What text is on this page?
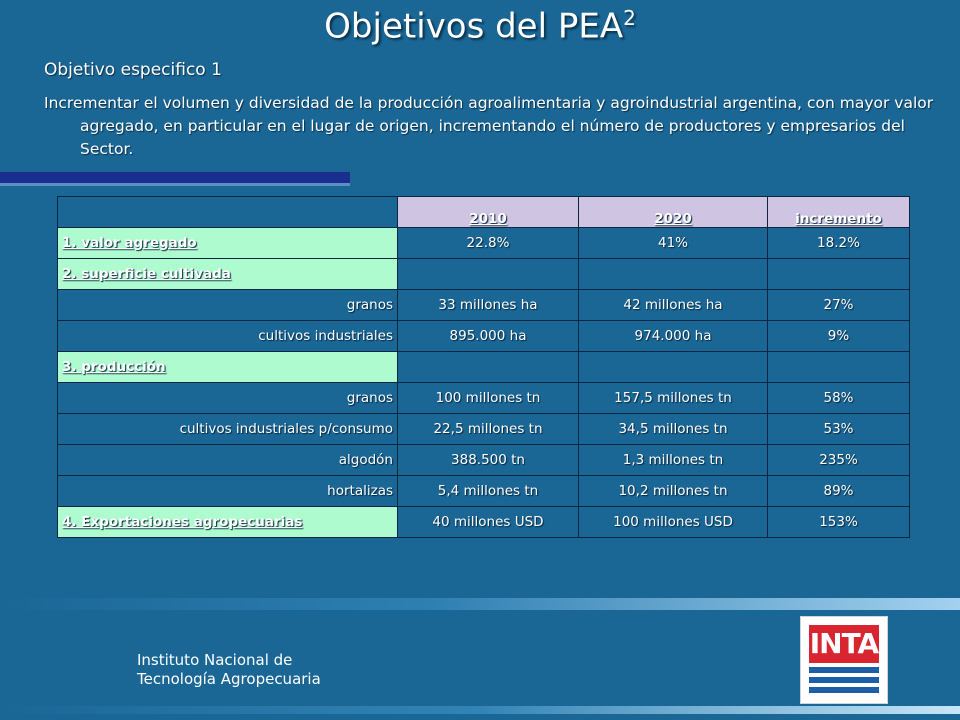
Objetivos del PEA$^2$
Objetivo especifico 1
Incrementar el volumen y diversidad de la producción agroalimentaria y agroindustrial argentina, con mayor valor agregado, en particular en el lugar de origen, incrementando el número de productores y empresarios del Sector.
	2010	2020	incremento
1. valor agregado	22.8%	41%	18.2%
2. superficie cultivada			
granos	33 millones ha	42 millones ha	27%
cultivos industriales	895.000 ha	974.000 ha	9%
3. producción			
granos	100 millones tn	157,5 millones tn	58%
cultivos industriales p/consumo	22,5 millones tn	34,5 millones tn	53%
algodón	388.500 tn	1,3 millones tn	235%
hortalizas	5,4 millones tn	10,2 millones tn	89%
4. Exportaciones agropecuarias	40 millones USD	100 millones USD	153%
Instituto Nacional de
Tecnología Agropecuaria
INTA
